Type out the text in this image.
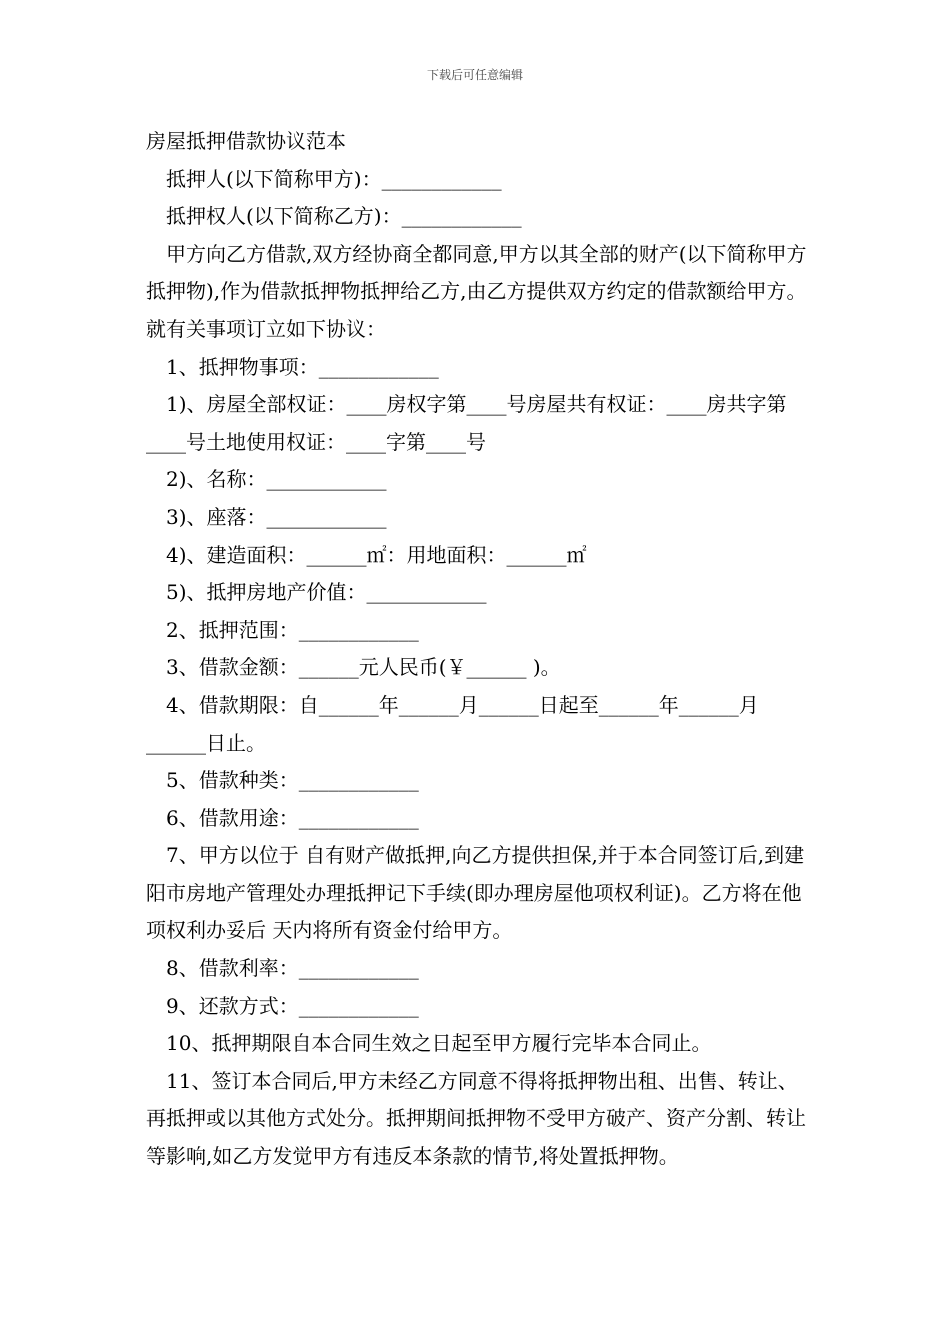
下载后可任意编辑

房屋抵押借款协议范本

　抵押人(以下简称甲方)：____________

　抵押权人(以下简称乙方)：____________

　甲方向乙方借款,双方经协商全都同意,甲方以其全部的财产(以下简称甲方抵押物),作为借款抵押物抵押给乙方,由乙方提供双方约定的借款额给甲方。就有关事项订立如下协议：

　1、抵押物事项：____________

　1)、房屋全部权证：____房权字第____号房屋共有权证：____房共字第____号土地使用权证：____字第____号

　2)、名称：____________

　3)、座落：____________

　4)、建造面积：______㎡：用地面积：______㎡

　5)、抵押房地产价值：____________

　2、抵押范围：____________

　3、借款金额：______元人民币(￥______ )。

　4、借款期限：自______年______月______日起至______年______月______日止。

　5、借款种类：____________

　6、借款用途：____________

　7、甲方以位于 自有财产做抵押,向乙方提供担保,并于本合同签订后,到建阳市房地产管理处办理抵押记下手续(即办理房屋他项权利证)。乙方将在他项权利办妥后 天内将所有资金付给甲方。

　8、借款利率：____________

　9、还款方式：____________

　10、抵押期限自本合同生效之日起至甲方履行完毕本合同止。

　11、签订本合同后,甲方未经乙方同意不得将抵押物出租、出售、转让、再抵押或以其他方式处分。抵押期间抵押物不受甲方破产、资产分割、转让等影响,如乙方发觉甲方有违反本条款的情节,将处置抵押物。
